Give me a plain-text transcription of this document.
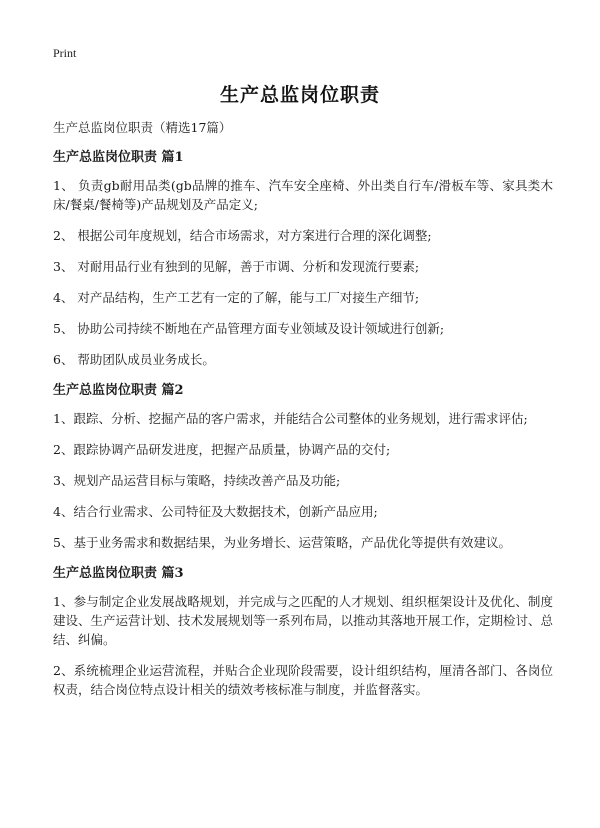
Print
生产总监岗位职责

生产总监岗位职责（精选17篇）

生产总监岗位职责 篇1

1、 负责gb耐用品类(gb品牌的推车、汽车安全座椅、外出类自行车/滑板车等、家具类木床/餐桌/餐椅等)产品规划及产品定义;

2、 根据公司年度规划，结合市场需求，对方案进行合理的深化调整;

3、 对耐用品行业有独到的见解，善于市调、分析和发现流行要素;

4、 对产品结构，生产工艺有一定的了解，能与工厂对接生产细节;

5、 协助公司持续不断地在产品管理方面专业领域及设计领域进行创新;

6、 帮助团队成员业务成长。

生产总监岗位职责 篇2

1、跟踪、分析、挖掘产品的客户需求，并能结合公司整体的业务规划，进行需求评估;

2、跟踪协调产品研发进度，把握产品质量，协调产品的交付;

3、规划产品运营目标与策略，持续改善产品及功能;

4、结合行业需求、公司特征及大数据技术，创新产品应用;

5、基于业务需求和数据结果，为业务增长、运营策略，产品优化等提供有效建议。

生产总监岗位职责 篇3

1、参与制定企业发展战略规划，并完成与之匹配的人才规划、组织框架设计及优化、制度建设、生产运营计划、技术发展规划等一系列布局，以推动其落地开展工作，定期检讨、总结、纠偏。

2、系统梳理企业运营流程，并贴合企业现阶段需要，设计组织结构，厘清各部门、各岗位权责，结合岗位特点设计相关的绩效考核标准与制度，并监督落实。
